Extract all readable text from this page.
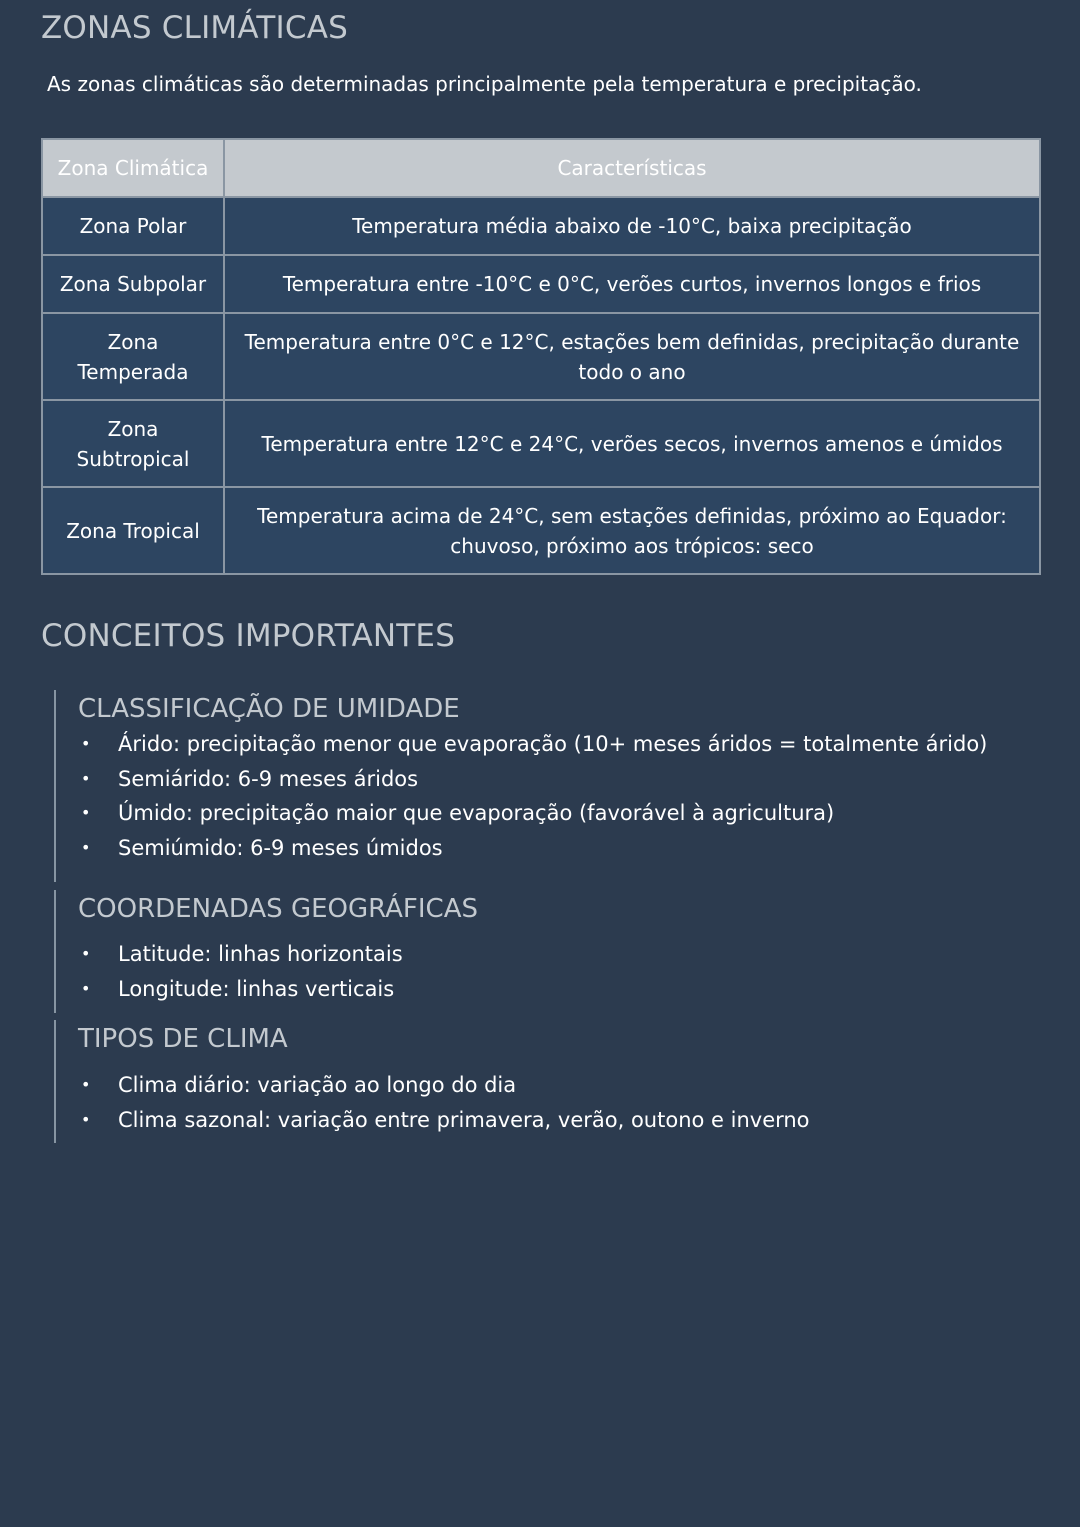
ZONAS CLIMÁTICAS

As zonas climáticas são determinadas principalmente pela temperatura e precipitação.

Zona Climática	Características
Zona Polar	Temperatura média abaixo de -10°C, baixa precipitação
Zona Subpolar	Temperatura entre -10°C e 0°C, verões curtos, invernos longos e frios
Zona Temperada	Temperatura entre 0°C e 12°C, estações bem definidas, precipitação durante todo o ano
Zona Subtropical	Temperatura entre 12°C e 24°C, verões secos, invernos amenos e úmidos
Zona Tropical	Temperatura acima de 24°C, sem estações definidas, próximo ao Equador: chuvoso, próximo aos trópicos: seco
CONCEITOS IMPORTANTES
CLASSIFICAÇÃO DE UMIDADE
• Árido: precipitação menor que evaporação (10+ meses áridos = totalmente árido)
• Semiárido: 6-9 meses áridos
• Úmido: precipitação maior que evaporação (favorável à agricultura)
• Semiúmido: 6-9 meses úmidos
COORDENADAS GEOGRÁFICAS
• Latitude: linhas horizontais
• Longitude: linhas verticais
TIPOS DE CLIMA
• Clima diário: variação ao longo do dia
• Clima sazonal: variação entre primavera, verão, outono e inverno
